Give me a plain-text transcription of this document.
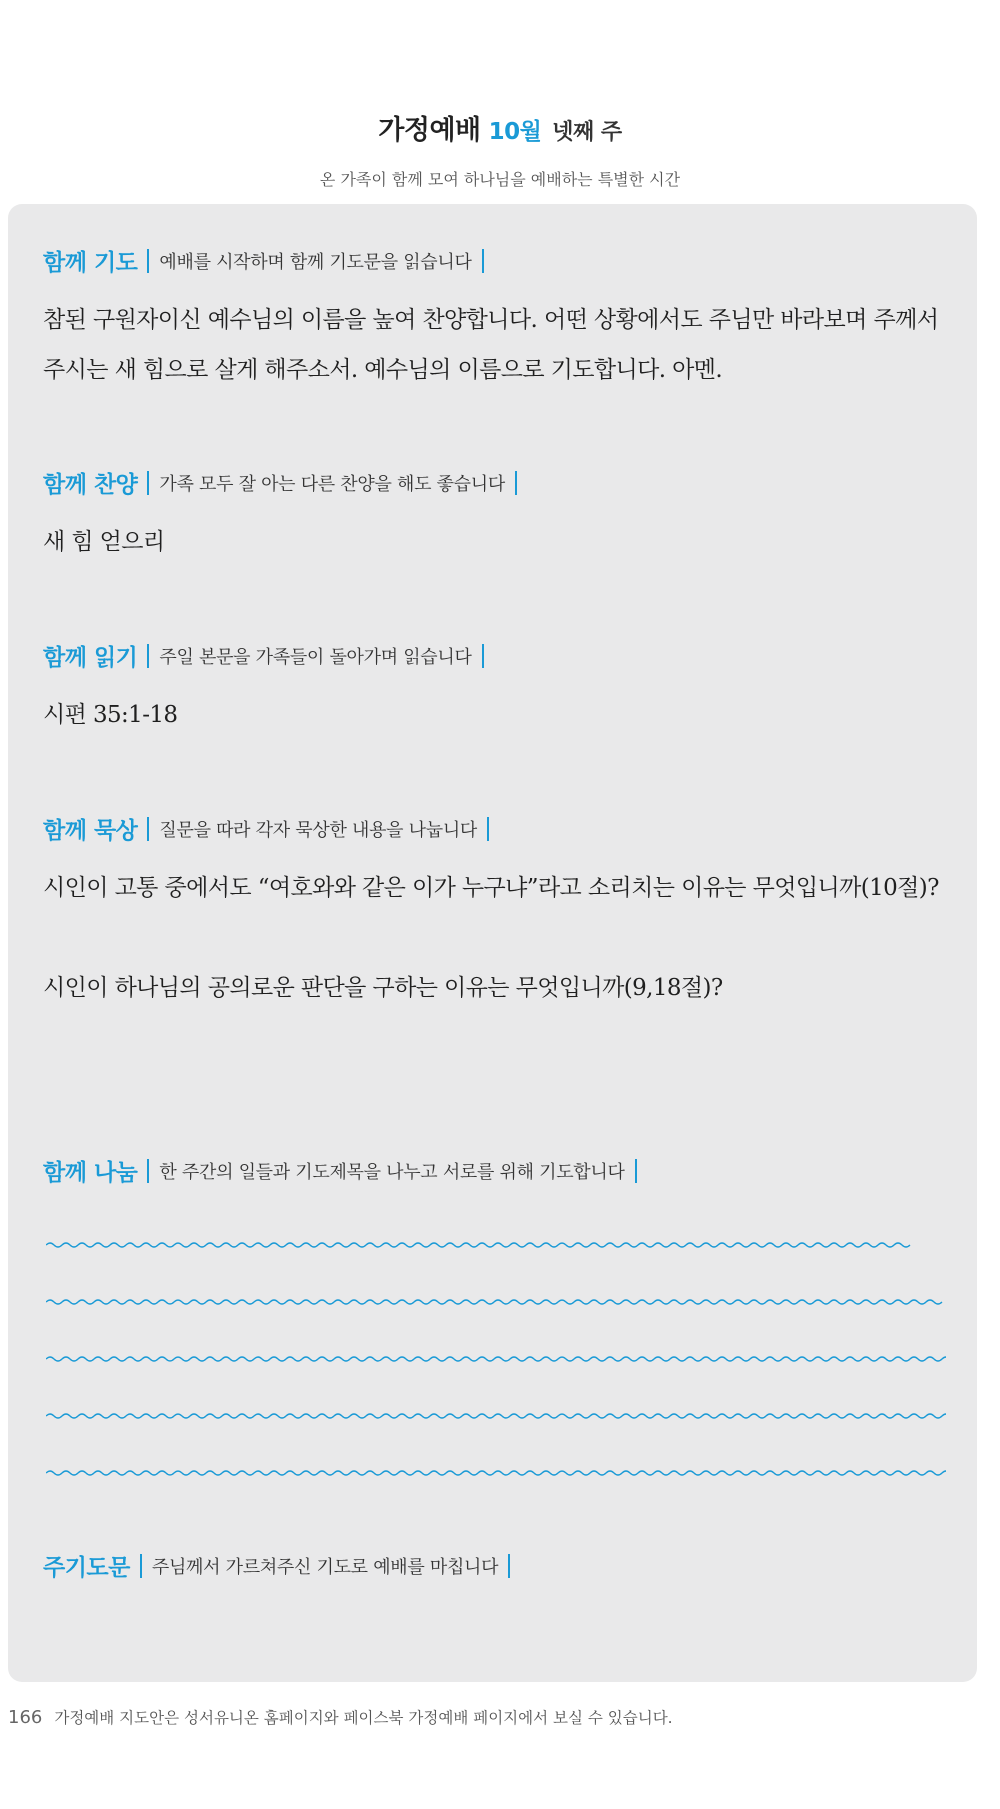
가정예배 10월 넷째 주
온 가족이 함께 모여 하나님을 예배하는 특별한 시간
함께 기도 예배를 시작하며 함께 기도문을 읽습니다
참된 구원자이신 예수님의 이름을 높여 찬양합니다. 어떤 상황에서도 주님만 바라보며 주께서 주시는 새 힘으로 살게 해주소서. 예수님의 이름으로 기도합니다. 아멘.
함께 찬양 가족 모두 잘 아는 다른 찬양을 해도 좋습니다
새 힘 얻으리
함께 읽기 주일 본문을 가족들이 돌아가며 읽습니다
시편 35:1-18
함께 묵상 질문을 따라 각자 묵상한 내용을 나눕니다
시인이 고통 중에서도 “여호와와 같은 이가 누구냐”라고 소리치는 이유는 무엇입니까(10절)?
시인이 하나님의 공의로운 판단을 구하는 이유는 무엇입니까(9,18절)?
함께 나눔 한 주간의 일들과 기도제목을 나누고 서로를 위해 기도합니다
주기도문 주님께서 가르쳐주신 기도로 예배를 마칩니다
166 가정예배 지도안은 성서유니온 홈페이지와 페이스북 가정예배 페이지에서 보실 수 있습니다.
